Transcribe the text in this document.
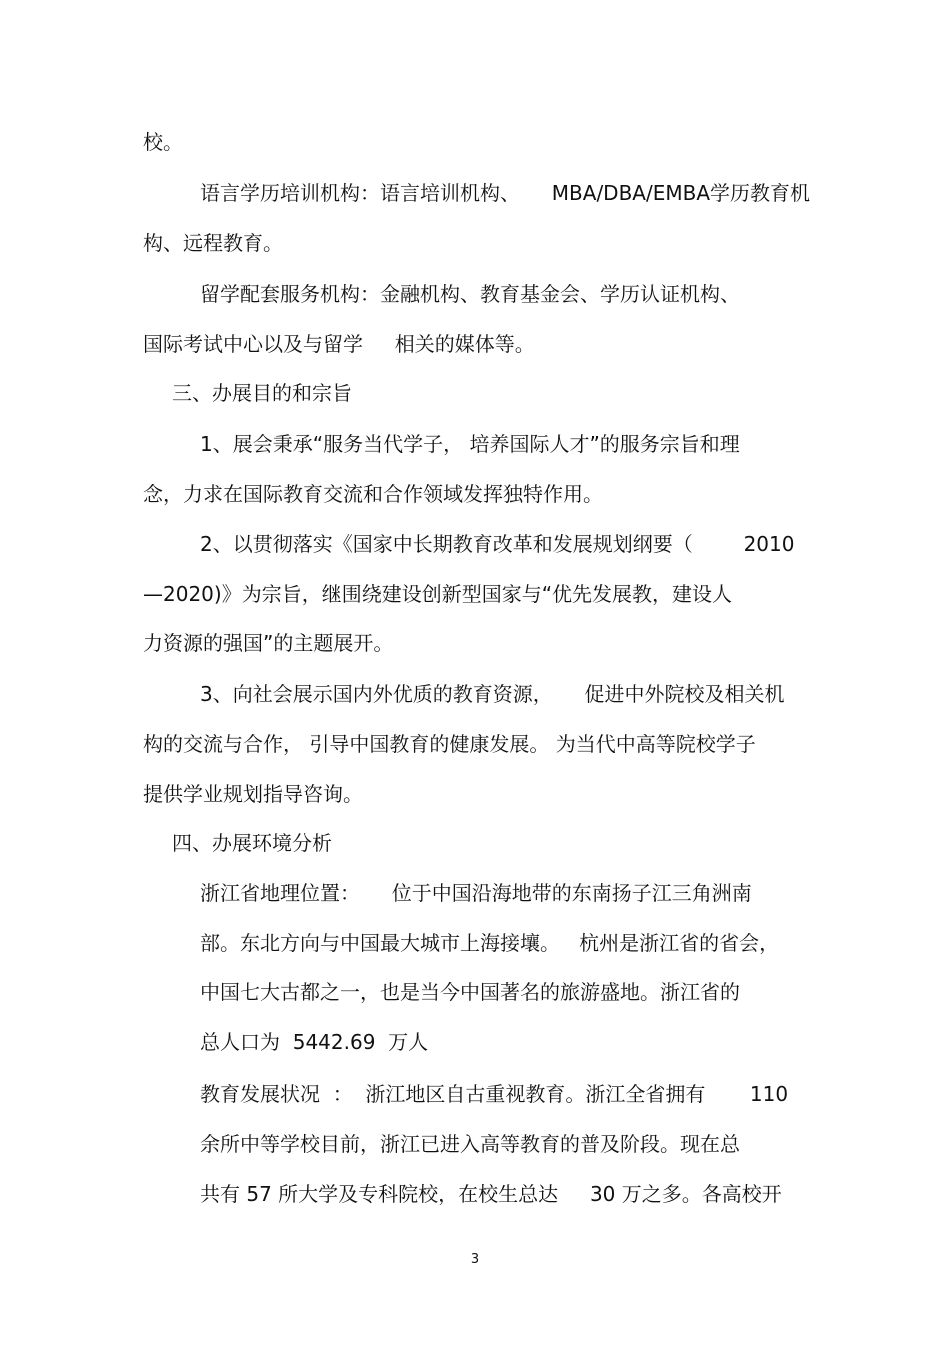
校。

语言学历培训机构：语言培训机构、     MBA/DBA/EMBA学历教育机

构、远程教育。

留学配套服务机构：金融机构、教育基金会、学历认证机构、

国际考试中心以及与留学     相关的媒体等。

三、办展目的和宗旨

1、展会秉承“服务当代学子， 培养国际人才”的服务宗旨和理

念，力求在国际教育交流和合作领域发挥独特作用。

2、以贯彻落实《国家中长期教育改革和发展规划纲要（        2010

—2020)》为宗旨，继围绕建设创新型国家与“优先发展教，建设人

力资源的强国”的主题展开。

3、向社会展示国内外优质的教育资源，     促进中外院校及相关机

构的交流与合作， 引导中国教育的健康发展。 为当代中高等院校学子

提供学业规划指导咨询。

四、办展环境分析

浙江省地理位置：     位于中国沿海地带的东南扬子江三角洲南

部。东北方向与中国最大城市上海接壤。   杭州是浙江省的省会，

中国七大古都之一，也是当今中国著名的旅游盛地。浙江省的

总人口为  5442.69  万人

教育发展状况  ：  浙江地区自古重视教育。浙江全省拥有       110

余所中等学校目前，浙江已进入高等教育的普及阶段。现在总

共有 57 所大学及专科院校，在校生总达     30 万之多。各高校开

3
